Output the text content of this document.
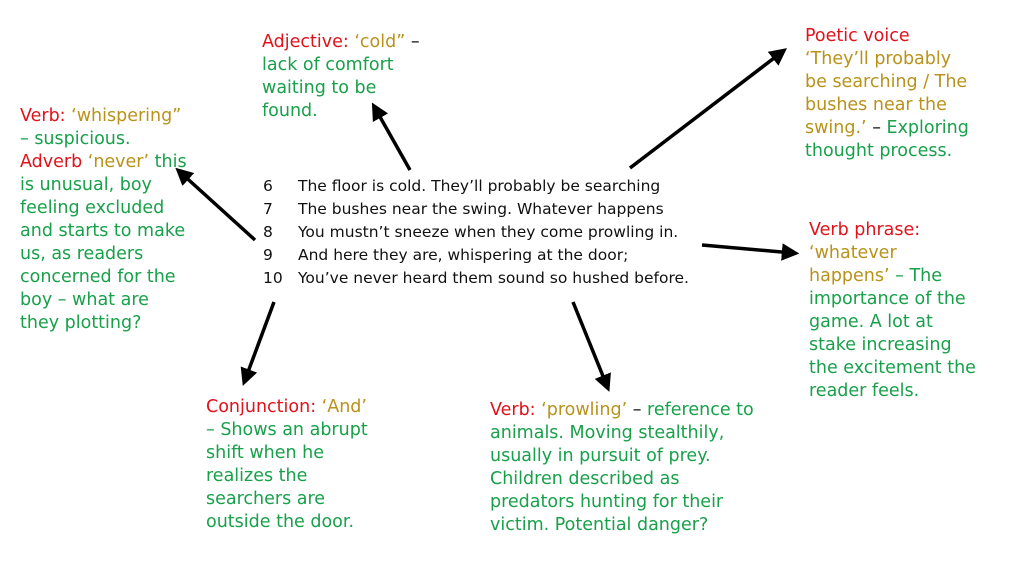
6	The floor is cold. They’ll probably be searching
7	The bushes near the swing. Whatever happens
8	You mustn’t sneeze when they come prowling in.
9	And here they are, whispering at the door;
10 You’ve never heard them sound so hushed before.
Adjective: ‘cold” –
lack of comfort
waiting to be
found.
Verb: ‘whispering”
– suspicious.
Adverb ‘never’ this
is unusual, boy
feeling excluded
and starts to make
us, as readers
concerned for the
boy – what are
they plotting?
Poetic voice
‘They’ll probably
be searching / The
bushes near the
swing.’ – Exploring
thought process.
Verb phrase:
‘whatever
happens’ – The
importance of the
game. A lot at
stake increasing
the excitement the
reader feels.
Conjunction: ‘And’
– Shows an abrupt
shift when he
realizes the
searchers are
outside the door.
Verb: ‘prowling’ – reference to
animals. Moving stealthily,
usually in pursuit of prey.
Children described as
predators hunting for their
victim. Potential danger?
